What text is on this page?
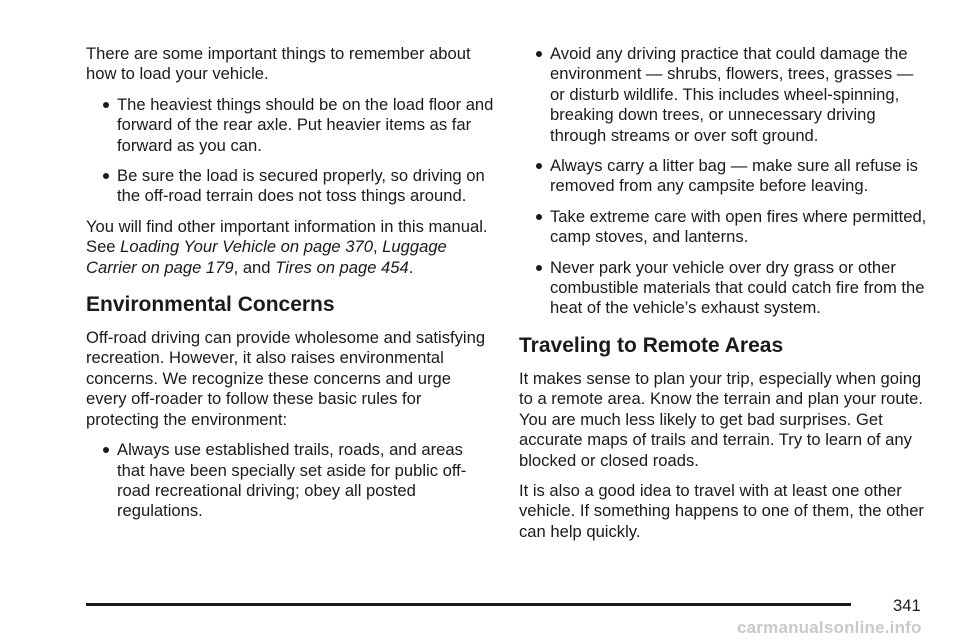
There are some important things to remember about how to load your vehicle.

The heaviest things should be on the load floor and forward of the rear axle. Put heavier items as far forward as you can.
Be sure the load is secured properly, so driving on the off-road terrain does not toss things around.

You will find other important information in this manual. See Loading Your Vehicle on page 370, Luggage Carrier on page 179, and Tires on page 454.

Environmental Concerns

Off-road driving can provide wholesome and satisfying recreation. However, it also raises environmental concerns. We recognize these concerns and urge every off-roader to follow these basic rules for protecting the environment:

Always use established trails, roads, and areas that have been specially set aside for public off-road recreational driving; obey all posted regulations.
Avoid any driving practice that could damage the environment — shrubs, flowers, trees, grasses — or disturb wildlife. This includes wheel-spinning, breaking down trees, or unnecessary driving through streams or over soft ground.
Always carry a litter bag — make sure all refuse is removed from any campsite before leaving.
Take extreme care with open fires where permitted, camp stoves, and lanterns.
Never park your vehicle over dry grass or other combustible materials that could catch fire from the heat of the vehicle’s exhaust system.
Traveling to Remote Areas

It makes sense to plan your trip, especially when going to a remote area. Know the terrain and plan your route. You are much less likely to get bad surprises. Get accurate maps of trails and terrain. Try to learn of any blocked or closed roads.

It is also a good idea to travel with at least one other vehicle. If something happens to one of them, the other can help quickly.

341
carmanualsonline.info
